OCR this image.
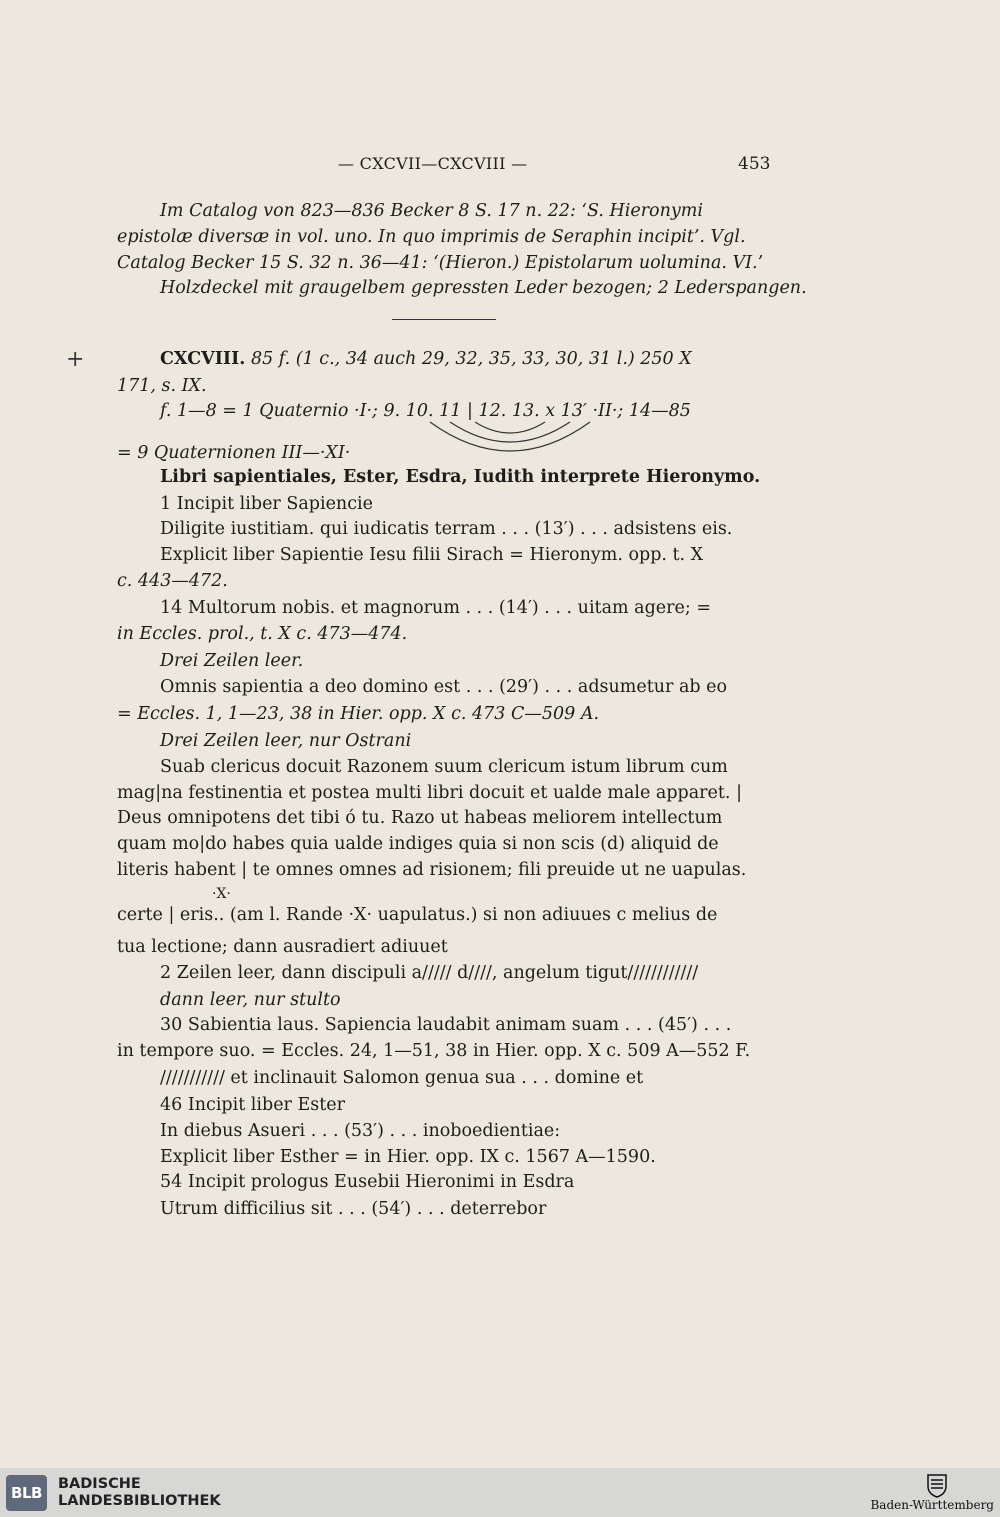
— CXCVII—CXCVIII —	453
Im Catalog von 823—836 Becker 8 S. 17 n. 22: ‘S. Hieronymi
epistolæ diversæ in vol. uno. In quo imprimis de Seraphin incipit’. Vgl.
Catalog Becker 15 S. 32 n. 36—41: ‘(Hieron.) Epistolarum uolumina. VI.’
Holzdeckel mit graugelbem gepressten Leder bezogen; 2 Lederspangen.
+	CXCVIII. 85 f. (1 c., 34 auch 29, 32, 35, 33, 30, 31 l.) 250 X
171, s. IX.
f. 1—8 = 1 Quaternio ·I·; 9. 10. 11 | 12. 13. x 13′ ·II·; 14—85
= 9 Quaternionen III—·XI·
Libri sapientiales, Ester, Esdra, Iudith interprete Hieronymo.
1 Incipit liber Sapiencie
Diligite iustitiam. qui iudicatis terram . . . (13′) . . . adsistens eis.
Explicit liber Sapientie Iesu filii Sirach = Hieronym. opp. t. X
c. 443—472.
14 Multorum nobis. et magnorum . . . (14′) . . . uitam agere; =
in Eccles. prol., t. X c. 473—474.
Drei Zeilen leer.
Omnis sapientia a deo domino est . . . (29′) . . . adsumetur ab eo
= Eccles. 1, 1—23, 38 in Hier. opp. X c. 473 C—509 A.
Drei Zeilen leer, nur Ostrani
Suab clericus docuit Razonem suum clericum istum librum cum
mag|na festinentia et postea multi libri docuit et ualde male apparet. |
Deus omnipotens det tibi ó tu. Razo ut habeas meliorem intellectum
quam mo|do habes quia ualde indiges quia si non scis (d) aliquid de
literis habent | te omnes omnes ad risionem; fili preuide ut ne uapulas.
·X·
certe | eris.. (am l. Rande ·X· uapulatus.) si non adiuues c melius de
tua lectione; dann ausradiert adiuuet
2 Zeilen leer, dann discipuli a///// d////, angelum tigut////////////
dann leer, nur stulto
30 Sabientia laus. Sapiencia laudabit animam suam . . . (45′) . . .
in tempore suo. = Eccles. 24, 1—51, 38 in Hier. opp. X c. 509 A—552 F.
/////////// et inclinauit Salomon genua sua . . . domine et
46 Incipit liber Ester
In diebus Asueri . . . (53′) . . . inoboedientiae:
Explicit liber Esther = in Hier. opp. IX c. 1567 A—1590.
54 Incipit prologus Eusebii Hieronimi in Esdra
Utrum difficilius sit . . . (54′) . . . deterrebor
BLB	BADISCHE
LANDESBIBLIOTHEK	Baden-Württemberg
